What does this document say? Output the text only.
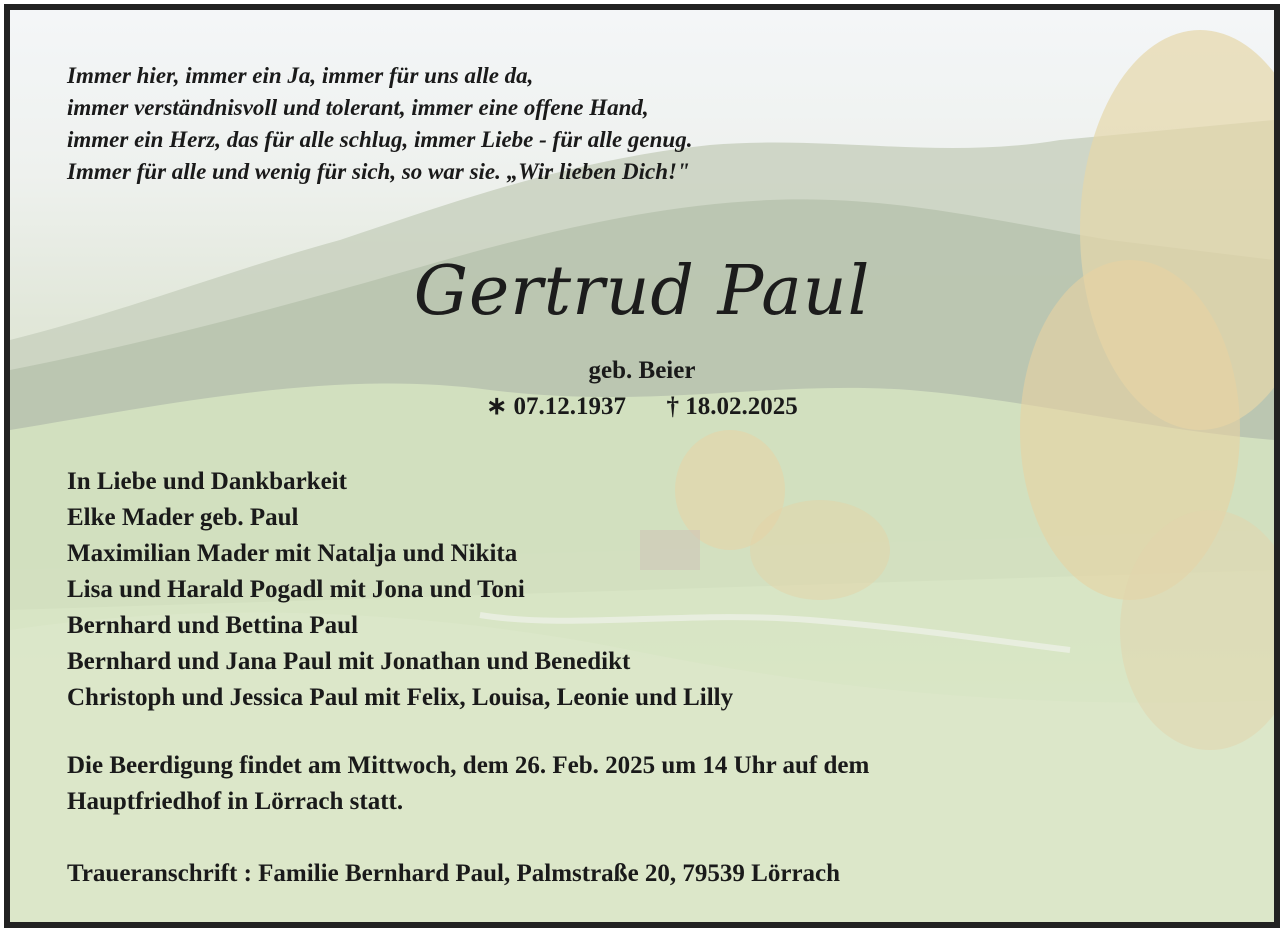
Immer hier, immer ein Ja, immer für uns alle da,
immer verständnisvoll und tolerant, immer eine offene Hand,
immer ein Herz, das für alle schlug, immer Liebe - für alle genug.
Immer für alle und wenig für sich, so war sie. „Wir lieben Dich!"
Gertrud Paul
geb. Beier
∗ 07.12.1937 † 18.02.2025
In Liebe und Dankbarkeit
Elke Mader geb. Paul
Maximilian Mader mit Natalja und Nikita
Lisa und Harald Pogadl mit Jona und Toni
Bernhard und Bettina Paul
Bernhard und Jana Paul mit Jonathan und Benedikt
Christoph und Jessica Paul mit Felix, Louisa, Leonie und Lilly
Die Beerdigung findet am Mittwoch, dem 26. Feb. 2025 um 14 Uhr auf dem
Hauptfriedhof in Lörrach statt.
Traueranschrift : Familie Bernhard Paul, Palmstraße 20, 79539 Lörrach
